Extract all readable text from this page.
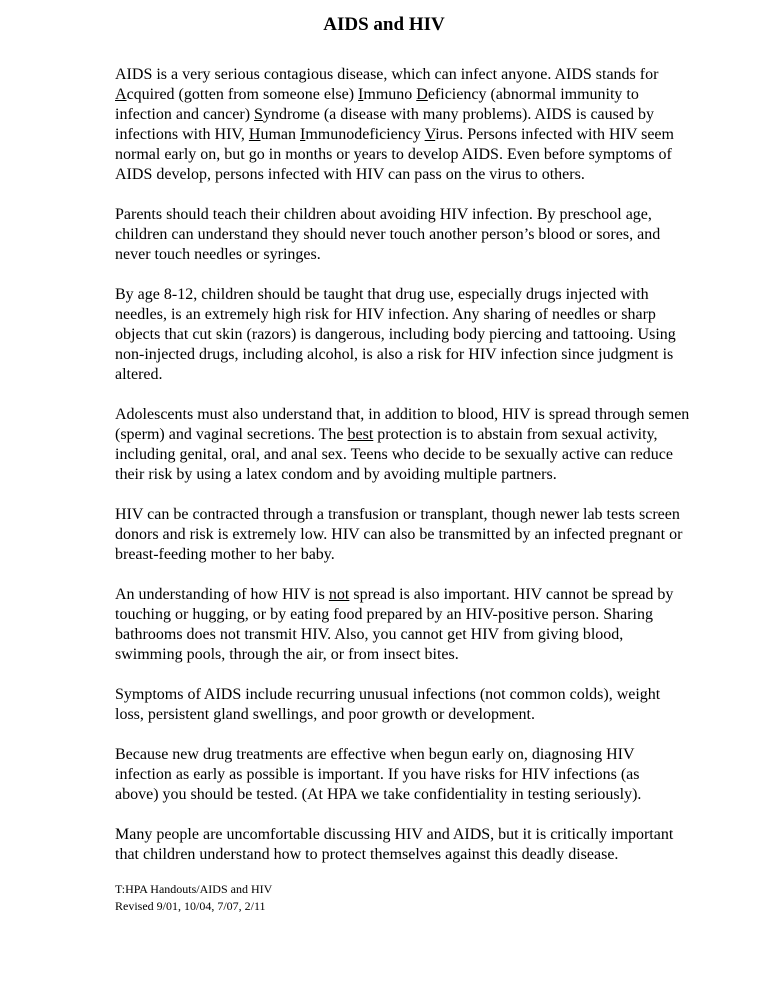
AIDS and HIV
AIDS is a very serious contagious disease, which can infect anyone. AIDS stands for
Acquired (gotten from someone else) Immuno Deficiency (abnormal immunity to
infection and cancer) Syndrome (a disease with many problems). AIDS is caused by
infections with HIV, Human Immunodeficiency Virus. Persons infected with HIV seem
normal early on, but go in months or years to develop AIDS. Even before symptoms of
AIDS develop, persons infected with HIV can pass on the virus to others.
Parents should teach their children about avoiding HIV infection. By preschool age,
children can understand they should never touch another person’s blood or sores, and
never touch needles or syringes.
By age 8-12, children should be taught that drug use, especially drugs injected with
needles, is an extremely high risk for HIV infection. Any sharing of needles or sharp
objects that cut skin (razors) is dangerous, including body piercing and tattooing. Using
non-injected drugs, including alcohol, is also a risk for HIV infection since judgment is
altered.
Adolescents must also understand that, in addition to blood, HIV is spread through semen
(sperm) and vaginal secretions. The best protection is to abstain from sexual activity,
including genital, oral, and anal sex. Teens who decide to be sexually active can reduce
their risk by using a latex condom and by avoiding multiple partners.
HIV can be contracted through a transfusion or transplant, though newer lab tests screen
donors and risk is extremely low. HIV can also be transmitted by an infected pregnant or
breast-feeding mother to her baby.
An understanding of how HIV is not spread is also important. HIV cannot be spread by
touching or hugging, or by eating food prepared by an HIV-positive person. Sharing
bathrooms does not transmit HIV. Also, you cannot get HIV from giving blood,
swimming pools, through the air, or from insect bites.
Symptoms of AIDS include recurring unusual infections (not common colds), weight
loss, persistent gland swellings, and poor growth or development.
Because new drug treatments are effective when begun early on, diagnosing HIV
infection as early as possible is important. If you have risks for HIV infections (as
above) you should be tested. (At HPA we take confidentiality in testing seriously).
Many people are uncomfortable discussing HIV and AIDS, but it is critically important
that children understand how to protect themselves against this deadly disease.
T:HPA Handouts/AIDS and HIV
Revised 9/01, 10/04, 7/07, 2/11
